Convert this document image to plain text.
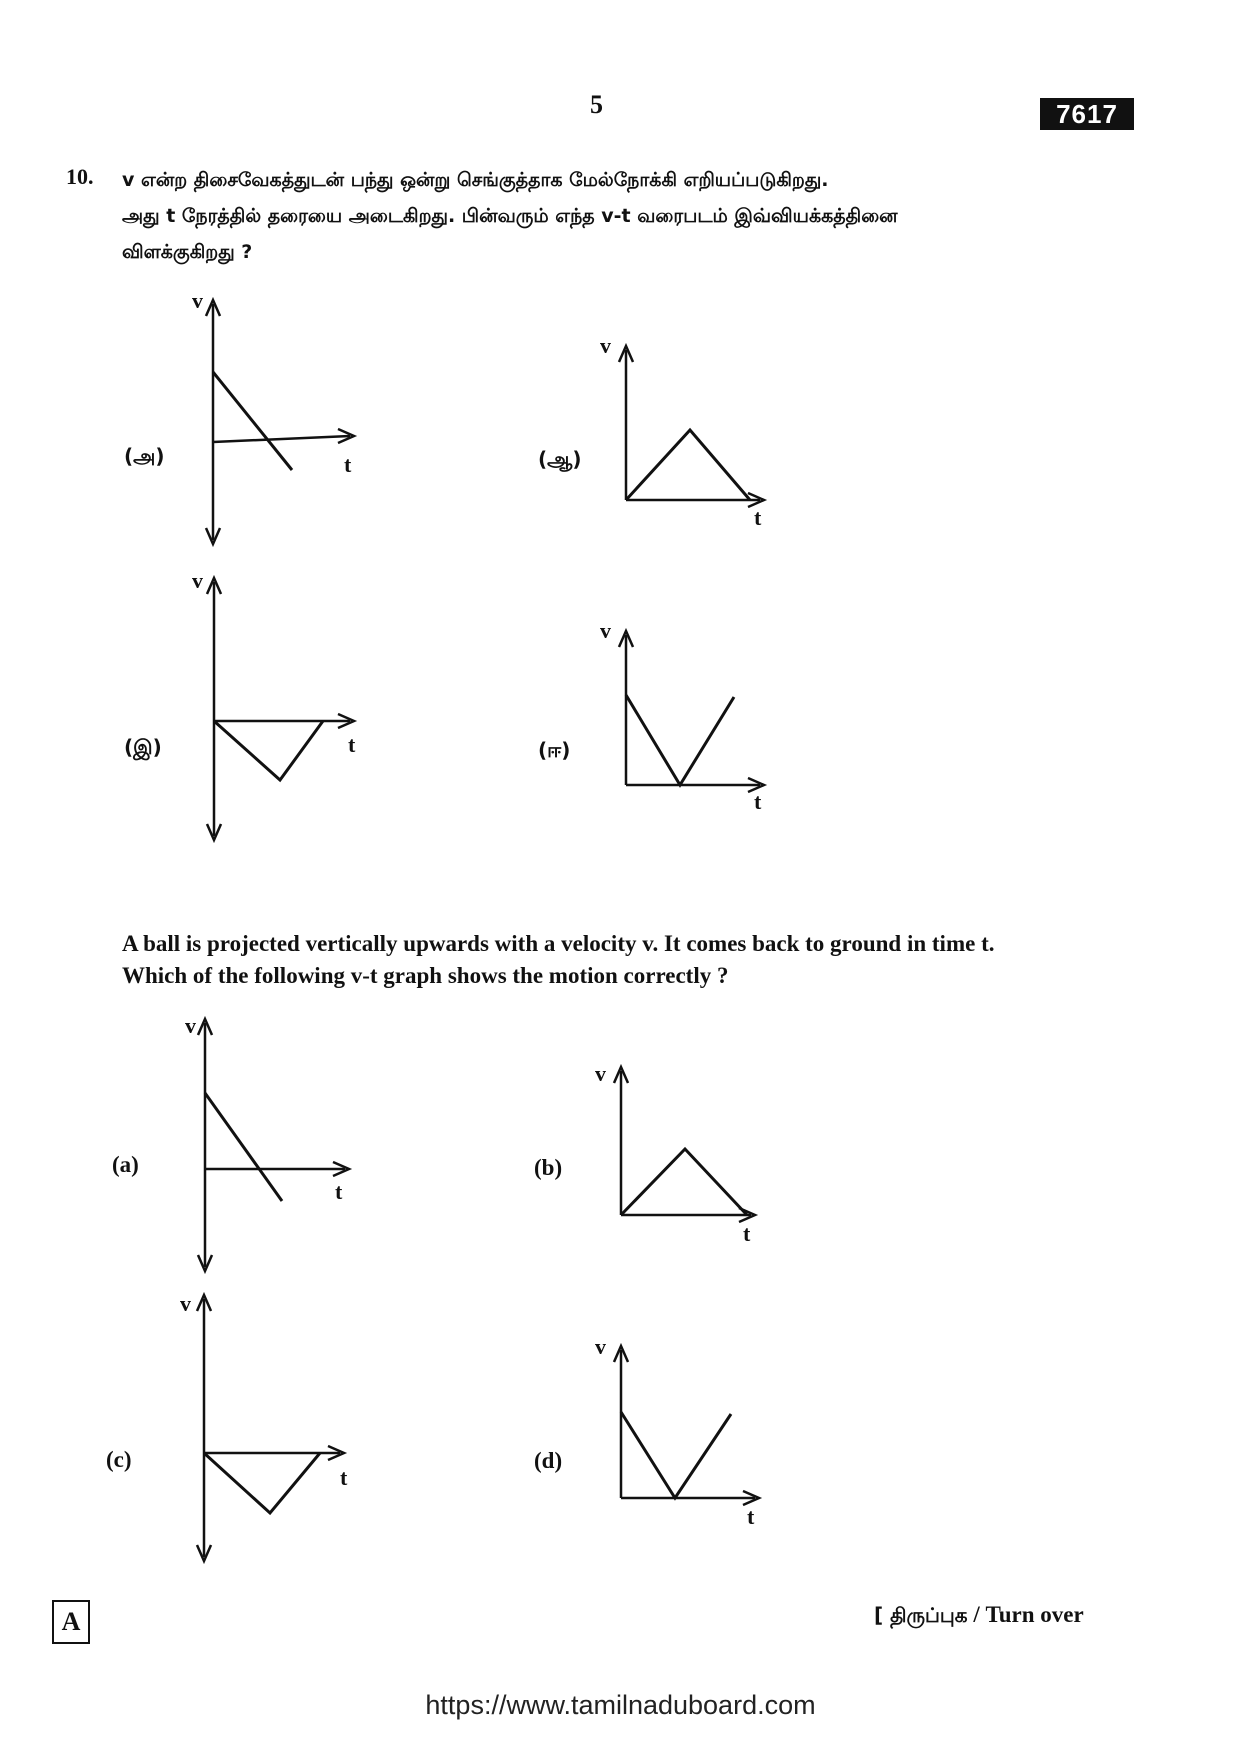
5	7617
10. v என்ற திசைவேகத்துடன் பந்து ஒன்று செங்குத்தாக மேல்நோக்கி எறியப்படுகிறது.
அது t நேரத்தில் தரையை அடைகிறது. பின்வரும் எந்த v-t வரைபடம் இவ்வியக்கத்தினை
விளக்குகிறது ?
(அ)
v
t	(ஆ)
v
t
(இ)
v
t	(ஈ)
v
t
A ball is projected vertically upwards with a velocity v. It comes back to ground in time t.
Which of the following v-t graph shows the motion correctly ?
(a)
v
t
(b)
v
t
(c)
v
t
(d)
v
t
A	[ திருப்புக / Turn over
https://www.tamilnaduboard.com
